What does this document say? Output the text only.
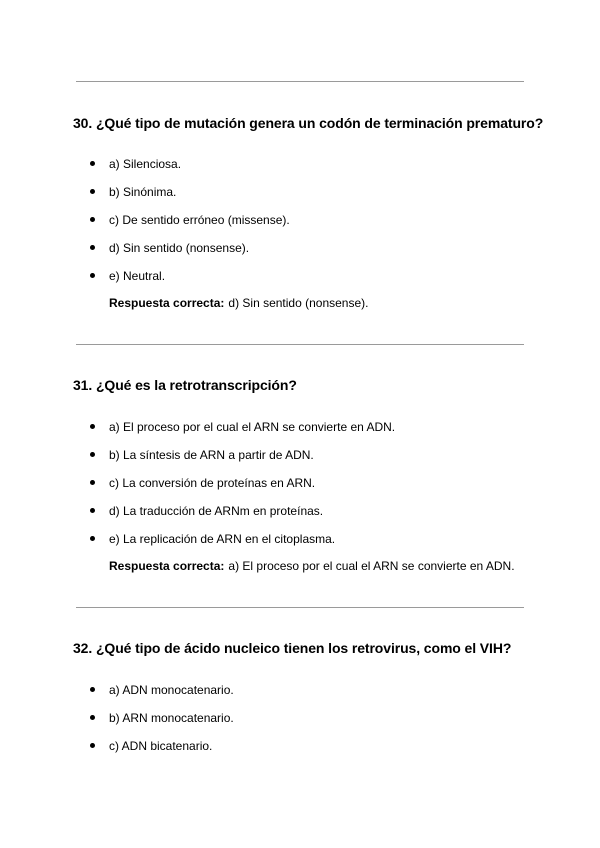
30. ¿Qué tipo de mutación genera un codón de terminación prematuro?

a) Silenciosa.
b) Sinónima.
c) De sentido erróneo (missense).
d) Sin sentido (nonsense).
e) Neutral.

Respuesta correcta: d) Sin sentido (nonsense).

31. ¿Qué es la retrotranscripción?

a) El proceso por el cual el ARN se convierte en ADN.
b) La síntesis de ARN a partir de ADN.
c) La conversión de proteínas en ARN.
d) La traducción de ARNm en proteínas.
e) La replicación de ARN en el citoplasma.

Respuesta correcta: a) El proceso por el cual el ARN se convierte en ADN.

32. ¿Qué tipo de ácido nucleico tienen los retrovirus, como el VIH?

a) ADN monocatenario.
b) ARN monocatenario.
c) ADN bicatenario.
